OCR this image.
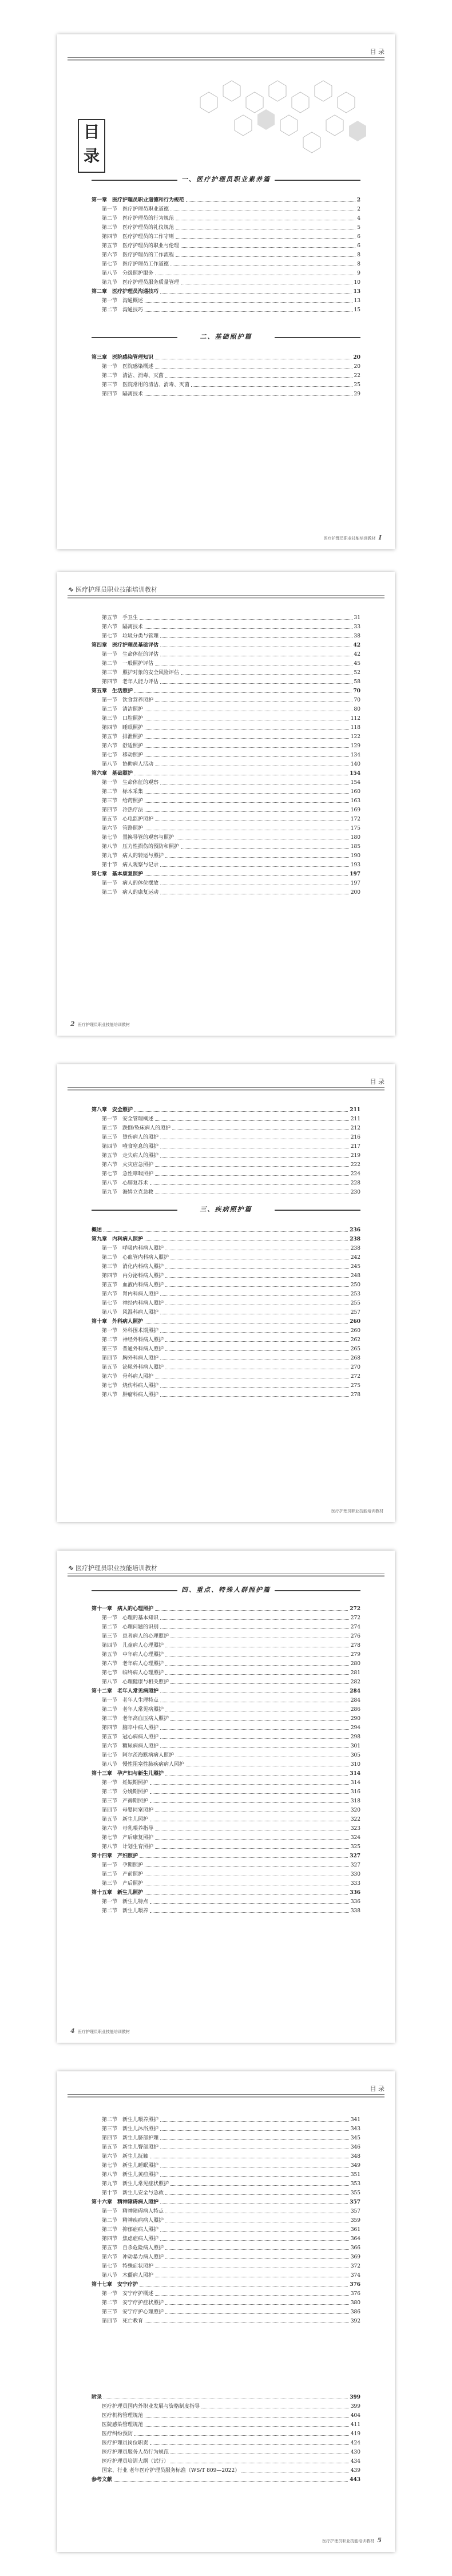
目 录
目
录
一、医疗护理员职业素养篇
第一章　医疗护理员职业道德和行为规范	2
第一节　医疗护理员职业道德	2
第二节　医疗护理员的行为规范	4
第三节　医疗护理员的礼仪规范	5
第四节　医疗护理员的工作守则	6
第五节　医疗护理员的职业与伦理	6
第六节　医疗护理员的工作流程	8
第七节　医疗护理员工作道德	8
第八节　分级照护服务	9
第九节　医疗护理员服务质量管理	10
第二章　医疗护理员沟通技巧	13
第一节　沟通概述	13
第二节　沟通技巧	15
二、基础照护篇
第三章　医院感染管理知识	20
第一节　医院感染概述	20
第二节　清洁、消毒、灭菌	22
第三节　医院常用的清洁、消毒、灭菌	25
第四节　隔离技术	29
医疗护理员职业技能培训教材 Ⅰ
∿ 医疗护理员职业技能培训教材
第五节　手卫生	31
第六节　隔离技术	33
第七节　垃圾分类与管理	38
第四章　医疗护理员基础评估	42
第一节　生命体征的评估	42
第二节　一般照护评估	45
第三节　照护对象的安全风险评估	52
第四节　老年人能力评估	58
第五章　生活照护	70
第一节　饮食营养照护	70
第二节　清洁照护	80
第三节　口腔照护	112
第四节　睡眠照护	118
第五节　排泄照护	122
第六节　舒适照护	129
第七节　移动照护	134
第八节　协助病人活动	140
第六章　基础照护	154
第一节　生命体征的观察	154
第二节　标本采集	160
第三节　给药照护	163
第四节　冷热疗法	169
第五节　心电监护照护	172
第六节　管路照护	175
第七节　置换导管的观察与照护	180
第八节　压力性损伤的预防和照护	185
第九节　病人的转运与照护	190
第十节　病人观察与记录	193
第七章　基本康复照护	197
第一节　病人的体位摆放	197
第二节　病人的康复运动	200
2 医疗护理员职业技能培训教材
目 录
第八章　安全照护	211
第一节　安全管理概述	211
第二节　跌倒/坠床病人的照护	212
第三节　烫伤病人的照护	216
第四节　噎食窒息的照护	217
第五节　走失病人的照护	219
第六节　火灾应急照护	222
第七节　急性哮喘照护	224
第八节　心肺复苏术	228
第九节　海姆立克急救	230
三、疾病照护篇
概述	236
第九章　内科病人照护	238
第一节　呼吸内科病人照护	238
第二节　心血管内科病人照护	242
第三节　消化内科病人照护	245
第四节　内分泌科病人照护	248
第五节　血液内科病人照护	250
第六节　肾内科病人照护	253
第七节　神经内科病人照护	255
第八节　风湿科病人照护	257
第十章　外科病人照护	260
第一节　外科围术期照护	260
第二节　神经外科病人照护	262
第三节　普通外科病人照护	265
第四节　胸外科病人照护	268
第五节　泌尿外科病人照护	270
第六节　骨科病人照护	272
第七节　烧伤科病人照护	275
第八节　肿瘤科病人照护	278
医疗护理员职业技能培训教材
∿ 医疗护理员职业技能培训教材
四、重点、特殊人群照护篇
第十一章　病人的心理照护	272
第一节　心理的基本知识	272
第二节　心理问题的识别	274
第三节　患者病人的心理照护	276
第四节　儿童病人心理照护	278
第五节　中年病人心理照护	279
第六节　老年病人心理照护	280
第七节　临终病人心理照护	281
第八节　心理健康与相关照护	282
第十二章　老年人常见病照护	284
第一节　老年人生理特点	284
第二节　老年人常见病照护	286
第三节　老年高血压病人照护	290
第四节　脑卒中病人照护	294
第五节　冠心病病人照护	298
第六节　糖尿病病人照护	301
第七节　阿尔茨海默病病人照护	305
第八节　慢性阻塞性肺疾病病人照护	310
第十三章　孕产妇与新生儿照护	314
第一节　妊娠期照护	314
第二节　分娩期照护	316
第三节　产褥期照护	318
第四节　母婴同室照护	320
第五节　新生儿照护	322
第六节　母乳喂养指导	323
第七节　产后康复照护	324
第八节　计划生育照护	325
第十四章　产妇照护	327
第一节　孕期照护	327
第二节　产前照护	330
第三节　产后照护	333
第十五章　新生儿照护	336
第一节　新生儿特点	336
第二节　新生儿喂养	338
4 医疗护理员职业技能培训教材
目 录
第二节　新生儿喂养照护	341
第三节　新生儿沐浴照护	343
第四节　新生儿脐部护理	345
第五节　新生儿臀部照护	346
第六节　新生儿抚触	348
第七节　新生儿睡眠照护	349
第八节　新生儿黄疸照护	351
第九节　新生儿常见症状照护	353
第十节　新生儿安全与急救	355
第十六章　精神障碍病人照护	357
第一节　精神障碍病人特点	357
第二节　精神疾病病人照护	359
第三节　抑郁症病人照护	361
第四节　焦虑症病人照护	364
第五节　自杀危险病人照护	366
第六节　冲动暴力病人照护	369
第七节　特殊症状照护	372
第八节　木僵病人照护	374
第十七章　安宁疗护	376
第一节　安宁疗护概述	376
第二节　安宁疗护症状照护	380
第三节　安宁疗护心理照护	386
第四节　死亡教育	392
附录	399
医疗护理员国内外职业发展与资格制度指导	399
医疗机构管理规范	404
医院感染管理规范	411
医疗纠纷预防	419
医疗护理员岗位职责	424
医疗护理员服务人员行为规范	430
医疗护理员培训大纲（试行）	434
国家、行业 老年医疗护理员服务标准（WS/T 809—2022）	439
参考文献	443
医疗护理员职业技能培训教材 5
